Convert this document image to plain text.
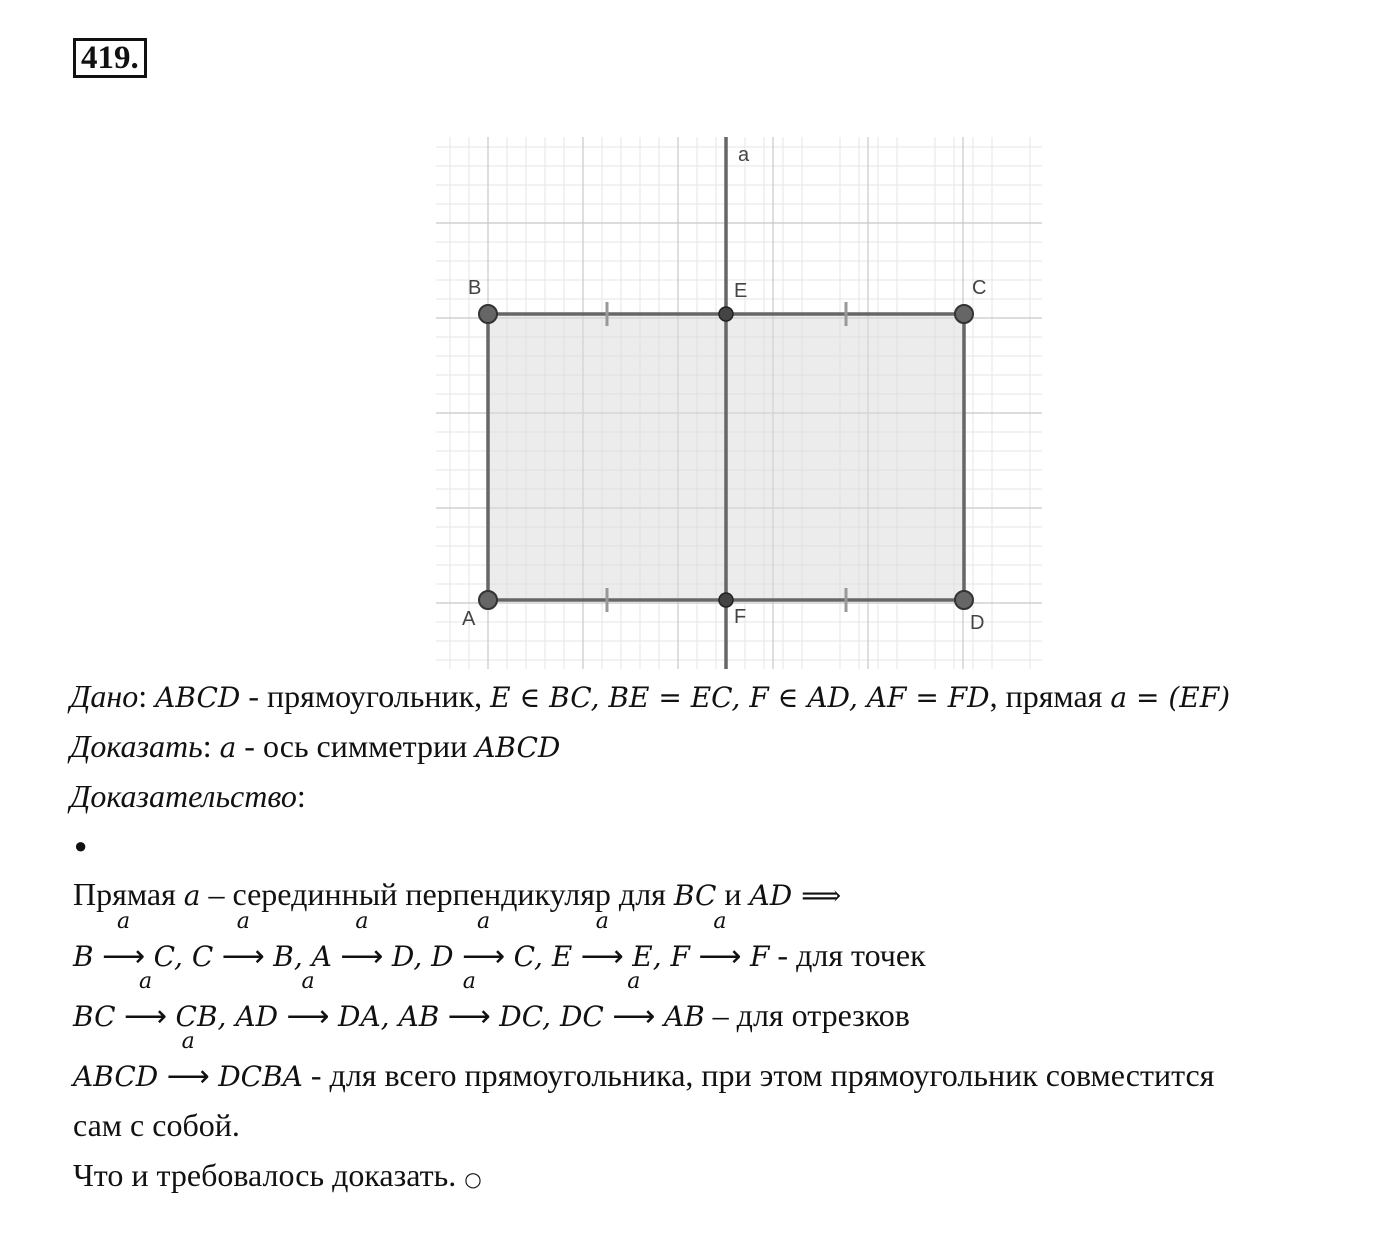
419.
a
B	E	C
A	F	D
Дано: ABCD - прямоугольник, E ∈ BC, BE = EC, F ∈ AD, AF = FD, прямая a = (EF)
Доказать: a - ось симметрии ABCD
Доказательство:
●
Прямая a – серединный перпендикуляр для BC и AD ⟹
B
a
⟶ C, C
a
⟶ B, A
a
⟶ D, D
a
⟶ C, E
a
⟶ E, F
a
⟶ F - для точек
BC
a
⟶ CB, AD
a
⟶ DA, AB
a
⟶ DC, DC
a
⟶ AB – для отрезков
ABCD
a
⟶ DCBA - для всего прямоугольника, при этом прямоугольник совместится
сам с собой.
Что и требовалось доказать. ○
